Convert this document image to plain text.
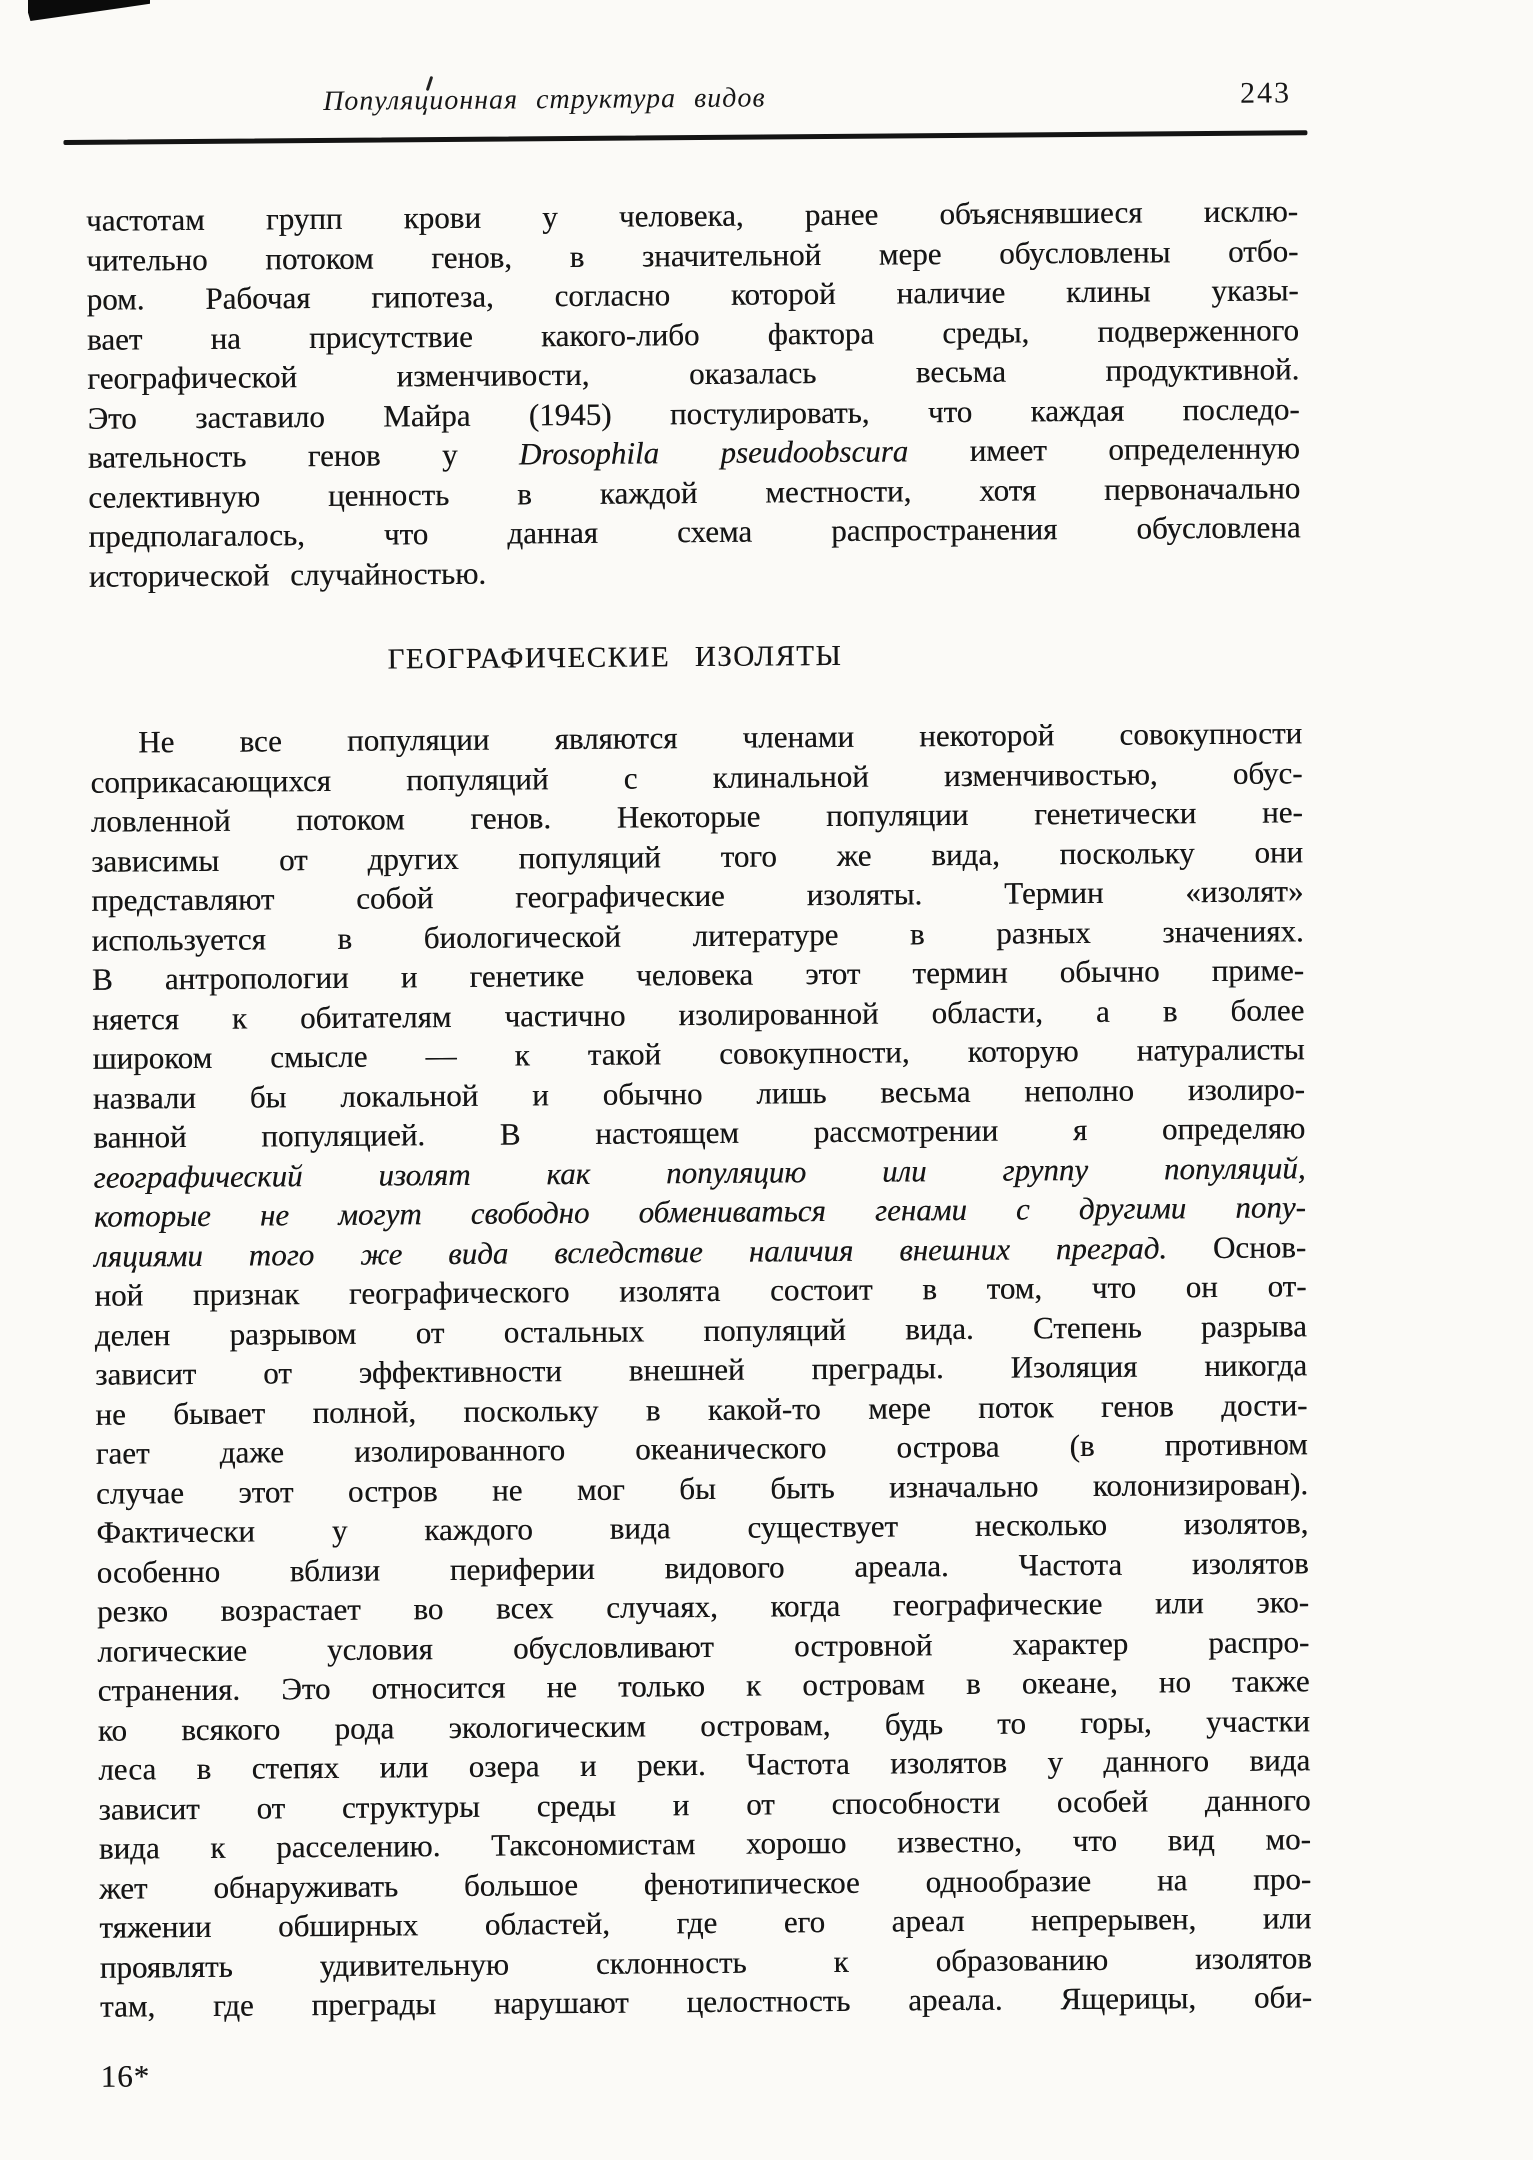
Популяционная структура видов	243
частотам групп крови у человека, ранее объяснявшиеся исклю-
чительно потоком генов, в значительной мере обусловлены отбо-
ром. Рабочая гипотеза, согласно которой наличие клины указы-
вает на присутствие какого-либо фактора среды, подверженного
географической изменчивости, оказалась весьма продуктивной.
Это заставило Майра (1945) постулировать, что каждая последо-
вательность генов у Drosophila pseudoobscura имеет определенную
селективную ценность в каждой местности, хотя первоначально
предполагалось, что данная схема распространения обусловлена
исторической случайностью.
ГЕОГРАФИЧЕСКИЕ ИЗОЛЯТЫ
Не все популяции являются членами некоторой совокупности
соприкасающихся популяций с клинальной изменчивостью, обус-
ловленной потоком генов. Некоторые популяции генетически не-
зависимы от других популяций того же вида, поскольку они
представляют собой географические изоляты. Термин «изолят»
используется в биологической литературе в разных значениях.
В антропологии и генетике человека этот термин обычно приме-
няется к обитателям частично изолированной области, а в более
широком смысле — к такой совокупности, которую натуралисты
назвали бы локальной и обычно лишь весьма неполно изолиро-
ванной популяцией. В настоящем рассмотрении я определяю
географический изолят как популяцию или группу популяций,
которые не могут свободно обмениваться генами с другими попу-
ляциями того же вида вследствие наличия внешних преград. Основ-
ной признак географического изолята состоит в том, что он от-
делен разрывом от остальных популяций вида. Степень разрыва
зависит от эффективности внешней преграды. Изоляция никогда
не бывает полной, поскольку в какой-то мере поток генов дости-
гает даже изолированного океанического острова (в противном
случае этот остров не мог бы быть изначально колонизирован).
Фактически у каждого вида существует несколько изолятов,
особенно вблизи периферии видового ареала. Частота изолятов
резко возрастает во всех случаях, когда географические или эко-
логические условия обусловливают островной характер распро-
странения. Это относится не только к островам в океане, но также
ко всякого рода экологическим островам, будь то горы, участки
леса в степях или озера и реки. Частота изолятов у данного вида
зависит от структуры среды и от способности особей данного
вида к расселению. Таксономистам хорошо известно, что вид мо-
жет обнаруживать большое фенотипическое однообразие на про-
тяжении обширных областей, где его ареал непрерывен, или
проявлять удивительную склонность к образованию изолятов
там, где преграды нарушают целостность ареала. Ящерицы, оби-
16*
